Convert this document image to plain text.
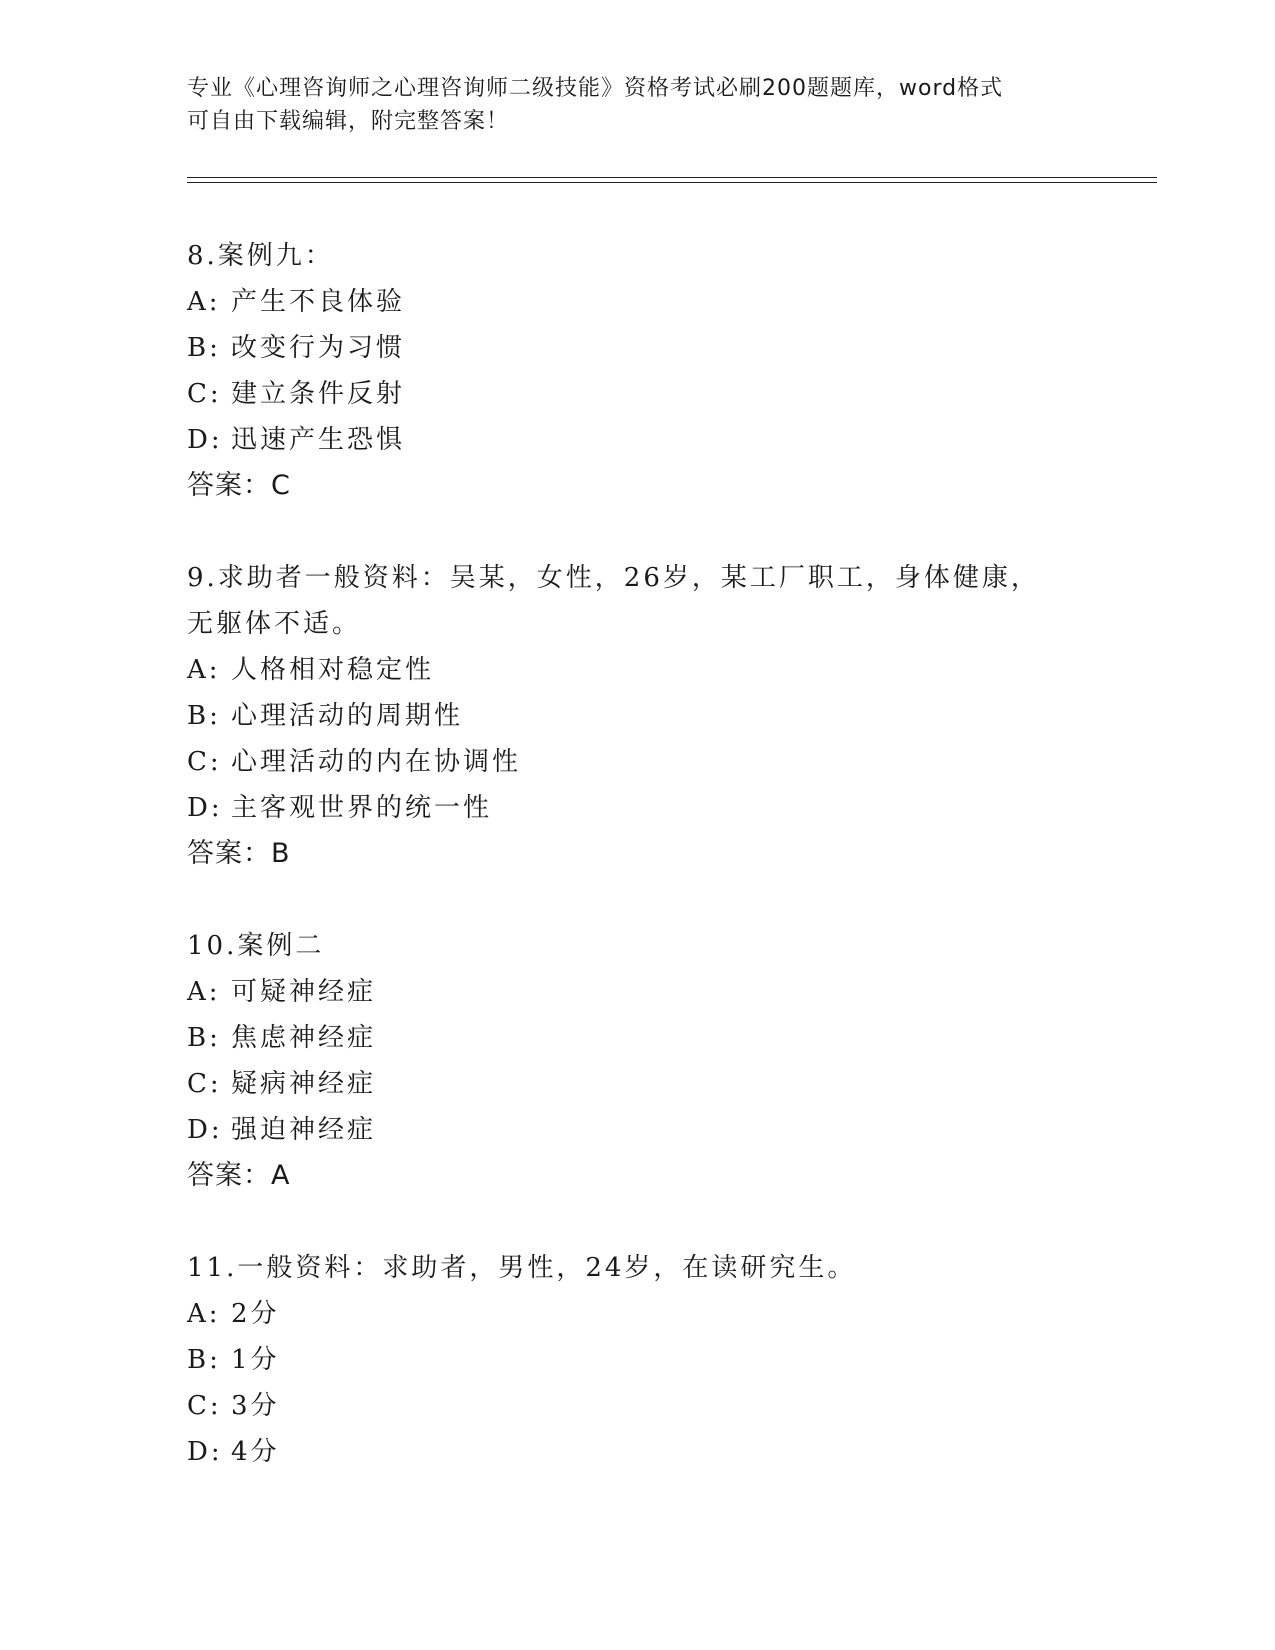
专业《心理咨询师之心理咨询师二级技能》资格考试必刷200题题库，word格式
可自由下载编辑，附完整答案！
8.案例九：
A: 产生不良体验
B: 改变行为习惯
C: 建立条件反射
D: 迅速产生恐惧
答案：C
9.求助者一般资料：吴某，女性，26岁，某工厂职工，身体健康，无躯体不适。
A: 人格相对稳定性
B: 心理活动的周期性
C: 心理活动的内在协调性
D: 主客观世界的统一性
答案：B
10.案例二
A: 可疑神经症
B: 焦虑神经症
C: 疑病神经症
D: 强迫神经症
答案：A
11.一般资料：求助者，男性，24岁，在读研究生。
A: 2分
B: 1分
C: 3分
D: 4分
